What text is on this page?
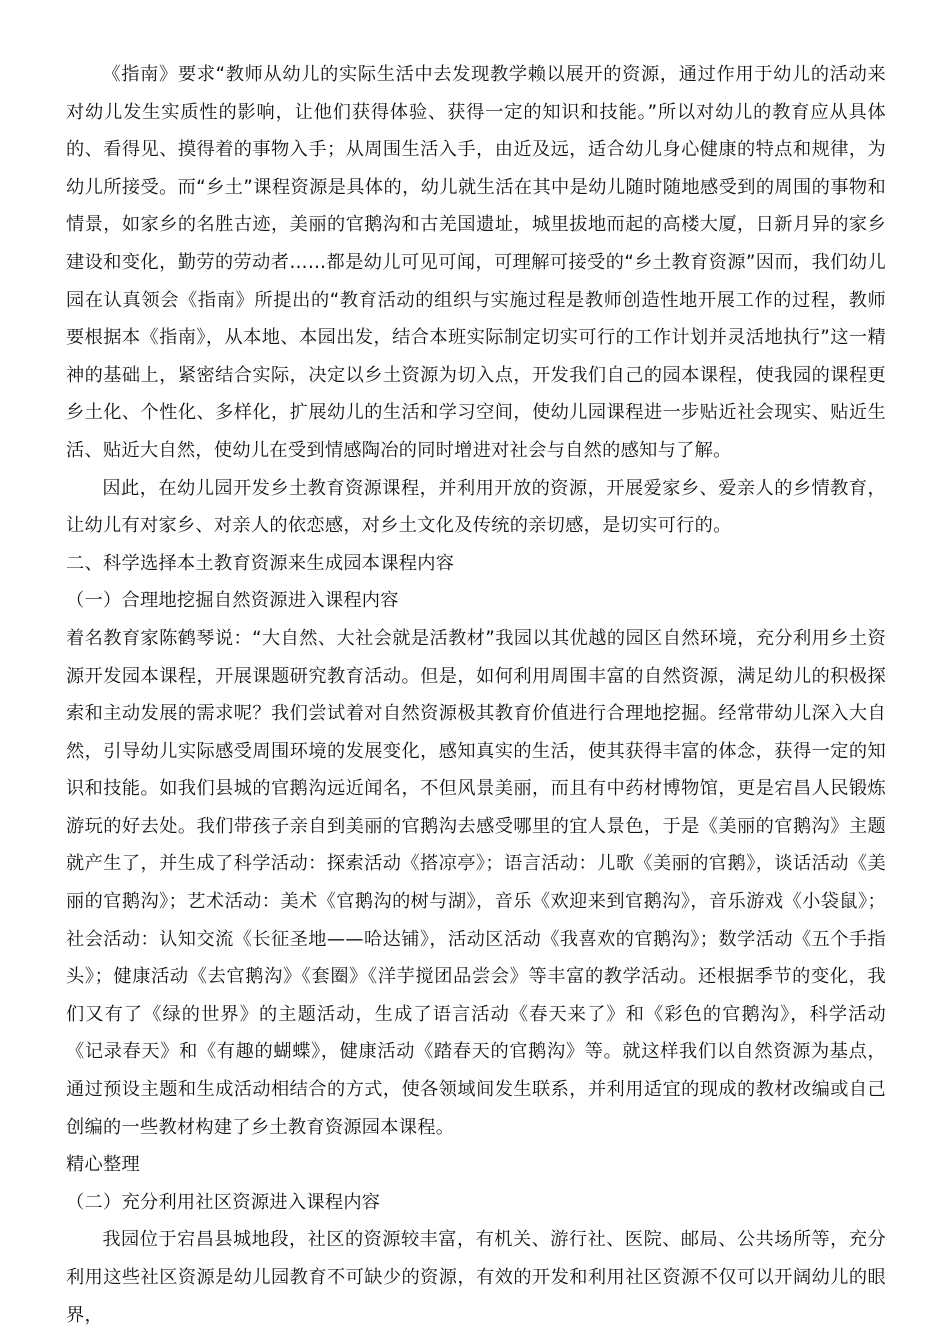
《指南》要求“教师从幼儿的实际生活中去发现教学赖以展开的资源，通过作用于幼儿的活动来对幼儿发生实质性的影响，让他们获得体验、获得一定的知识和技能。”所以对幼儿的教育应从具体的、看得见、摸得着的事物入手；从周围生活入手，由近及远，适合幼儿身心健康的特点和规律，为幼儿所接受。而“乡土”课程资源是具体的，幼儿就生活在其中是幼儿随时随地感受到的周围的事物和情景，如家乡的名胜古迹，美丽的官鹅沟和古羌国遗址，城里拔地而起的高楼大厦，日新月异的家乡建设和变化，勤劳的劳动者……都是幼儿可见可闻，可理解可接受的“乡土教育资源”因而，我们幼儿园在认真领会《指南》所提出的“教育活动的组织与实施过程是教师创造性地开展工作的过程，教师要根据本《指南》，从本地、本园出发，结合本班实际制定切实可行的工作计划并灵活地执行”这一精神的基础上，紧密结合实际，决定以乡土资源为切入点，开发我们自己的园本课程，使我园的课程更乡土化、个性化、多样化，扩展幼儿的生活和学习空间，使幼儿园课程进一步贴近社会现实、贴近生活、贴近大自然，使幼儿在受到情感陶冶的同时增进对社会与自然的感知与了解。

因此，在幼儿园开发乡土教育资源课程，并利用开放的资源，开展爱家乡、爱亲人的乡情教育，让幼儿有对家乡、对亲人的依恋感，对乡土文化及传统的亲切感，是切实可行的。

二、科学选择本土教育资源来生成园本课程内容

（一）合理地挖掘自然资源进入课程内容

着名教育家陈鹤琴说：“大自然、大社会就是活教材”我园以其优越的园区自然环境，充分利用乡土资源开发园本课程，开展课题研究教育活动。但是，如何利用周围丰富的自然资源，满足幼儿的积极探索和主动发展的需求呢？我们尝试着对自然资源极其教育价值进行合理地挖掘。经常带幼儿深入大自然，引导幼儿实际感受周围环境的发展变化，感知真实的生活，使其获得丰富的体念，获得一定的知识和技能。如我们县城的官鹅沟远近闻名，不但风景美丽，而且有中药材博物馆，更是宕昌人民锻炼游玩的好去处。我们带孩子亲自到美丽的官鹅沟去感受哪里的宜人景色，于是《美丽的官鹅沟》主题就产生了，并生成了科学活动：探索活动《搭凉亭》；语言活动：儿歌《美丽的官鹅》，谈话活动《美丽的官鹅沟》；艺术活动：美术《官鹅沟的树与湖》，音乐《欢迎来到官鹅沟》，音乐游戏《小袋鼠》；社会活动：认知交流《长征圣地——哈达铺》，活动区活动《我喜欢的官鹅沟》；数学活动《五个手指头》；健康活动《去官鹅沟》《套圈》《洋芋搅团品尝会》等丰富的教学活动。还根据季节的变化，我们又有了《绿的世界》的主题活动，生成了语言活动《春天来了》和《彩色的官鹅沟》，科学活动《记录春天》和《有趣的蝴蝶》，健康活动《踏春天的官鹅沟》等。就这样我们以自然资源为基点，通过预设主题和生成活动相结合的方式，使各领域间发生联系，并利用适宜的现成的教材改编或自己创编的一些教材构建了乡土教育资源园本课程。

精心整理

（二）充分利用社区资源进入课程内容

我园位于宕昌县城地段，社区的资源较丰富，有机关、游行社、医院、邮局、公共场所等，充分利用这些社区资源是幼儿园教育不可缺少的资源，有效的开发和利用社区资源不仅可以开阔幼儿的眼界，
